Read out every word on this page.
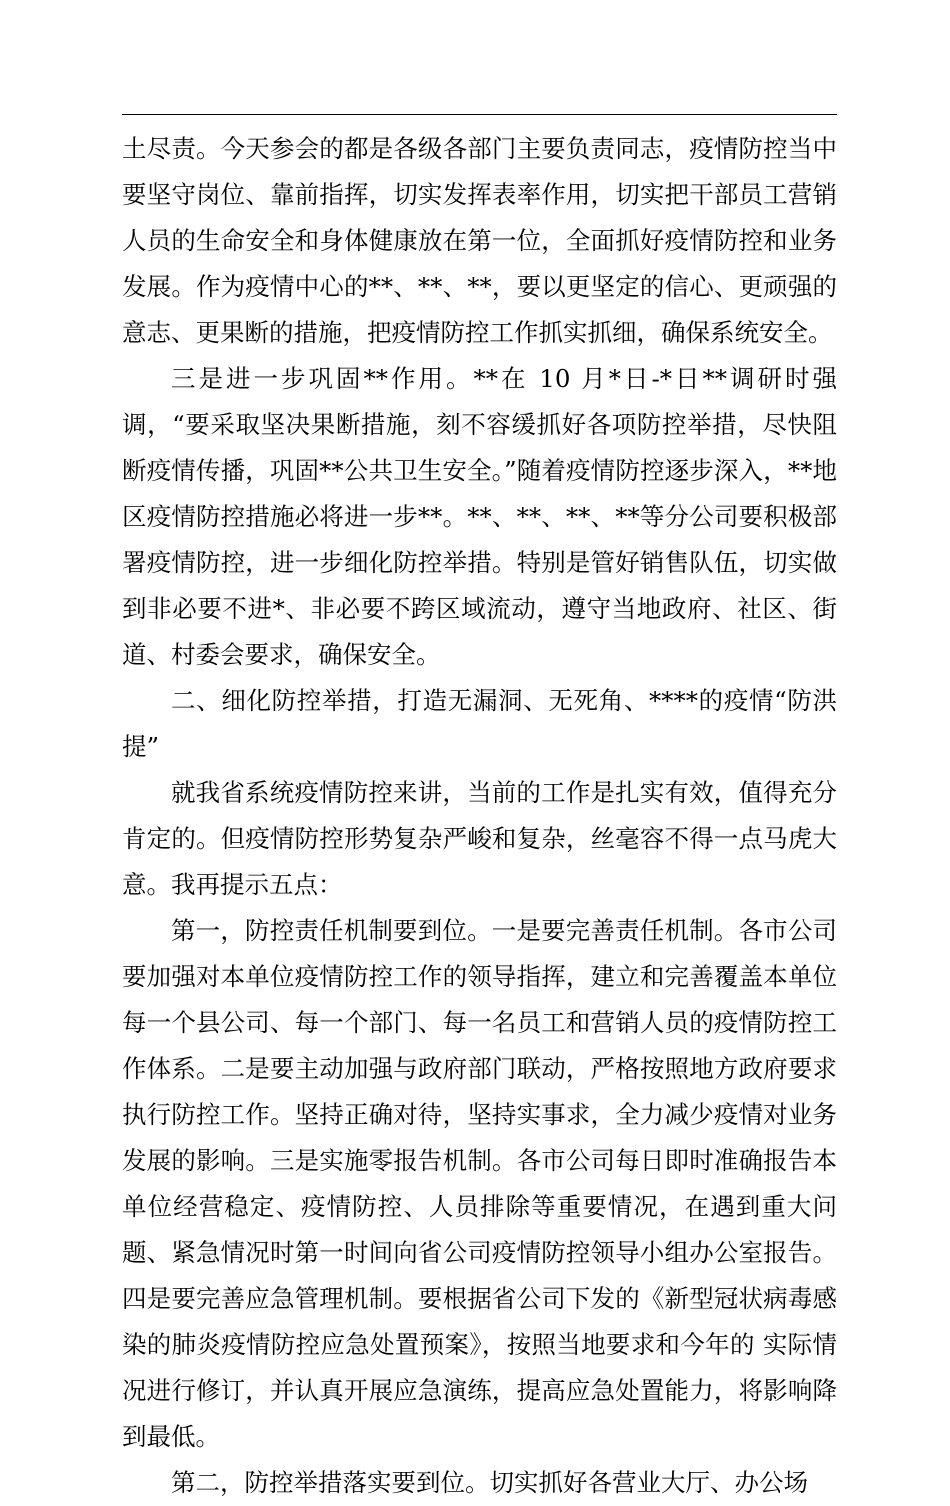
土尽责。今天参会的都是各级各部门主要负责同志，疫情防控当中要坚守岗位、靠前指挥，切实发挥表率作用，切实把干部员工营销人员的生命安全和身体健康放在第一位，全面抓好疫情防控和业务发展。作为疫情中心的**、**、**，要以更坚定的信心、更顽强的意志、更果断的措施，把疫情防控工作抓实抓细，确保系统安全。

三是进一步巩固**作用。**在 10 月*日-*日**调研时强调，“要采取坚决果断措施，刻不容缓抓好各项防控举措，尽快阻断疫情传播，巩固**公共卫生安全。”随着疫情防控逐步深入，**地区疫情防控措施必将进一步**。**、**、**、**等分公司要积极部署疫情防控，进一步细化防控举措。特别是管好销售队伍，切实做到非必要不进*、非必要不跨区域流动，遵守当地政府、社区、街道、村委会要求，确保安全。

二、细化防控举措，打造无漏洞、无死角、****的疫情“防洪提”

就我省系统疫情防控来讲，当前的工作是扎实有效，值得充分肯定的。但疫情防控形势复杂严峻和复杂，丝毫容不得一点马虎大意。我再提示五点：

第一，防控责任机制要到位。一是要完善责任机制。各市公司要加强对本单位疫情防控工作的领导指挥，建立和完善覆盖本单位每一个县公司、每一个部门、每一名员工和营销人员的疫情防控工作体系。二是要主动加强与政府部门联动，严格按照地方政府要求执行防控工作。坚持正确对待，坚持实事求，全力减少疫情对业务发展的影响。三是实施零报告机制。各市公司每日即时准确报告本单位经营稳定、疫情防控、人员排除等重要情况，在遇到重大问题、紧急情况时第一时间向省公司疫情防控领导小组办公室报告。四是要完善应急管理机制。要根据省公司下发的《新型冠状病毒感染的肺炎疫情防控应急处置预案》，按照当地要求和今年的 实际情况进行修订，并认真开展应急演练，提高应急处置能力，将影响降到最低。

第二，防控举措落实要到位。切实抓好各营业大厅、办公场
